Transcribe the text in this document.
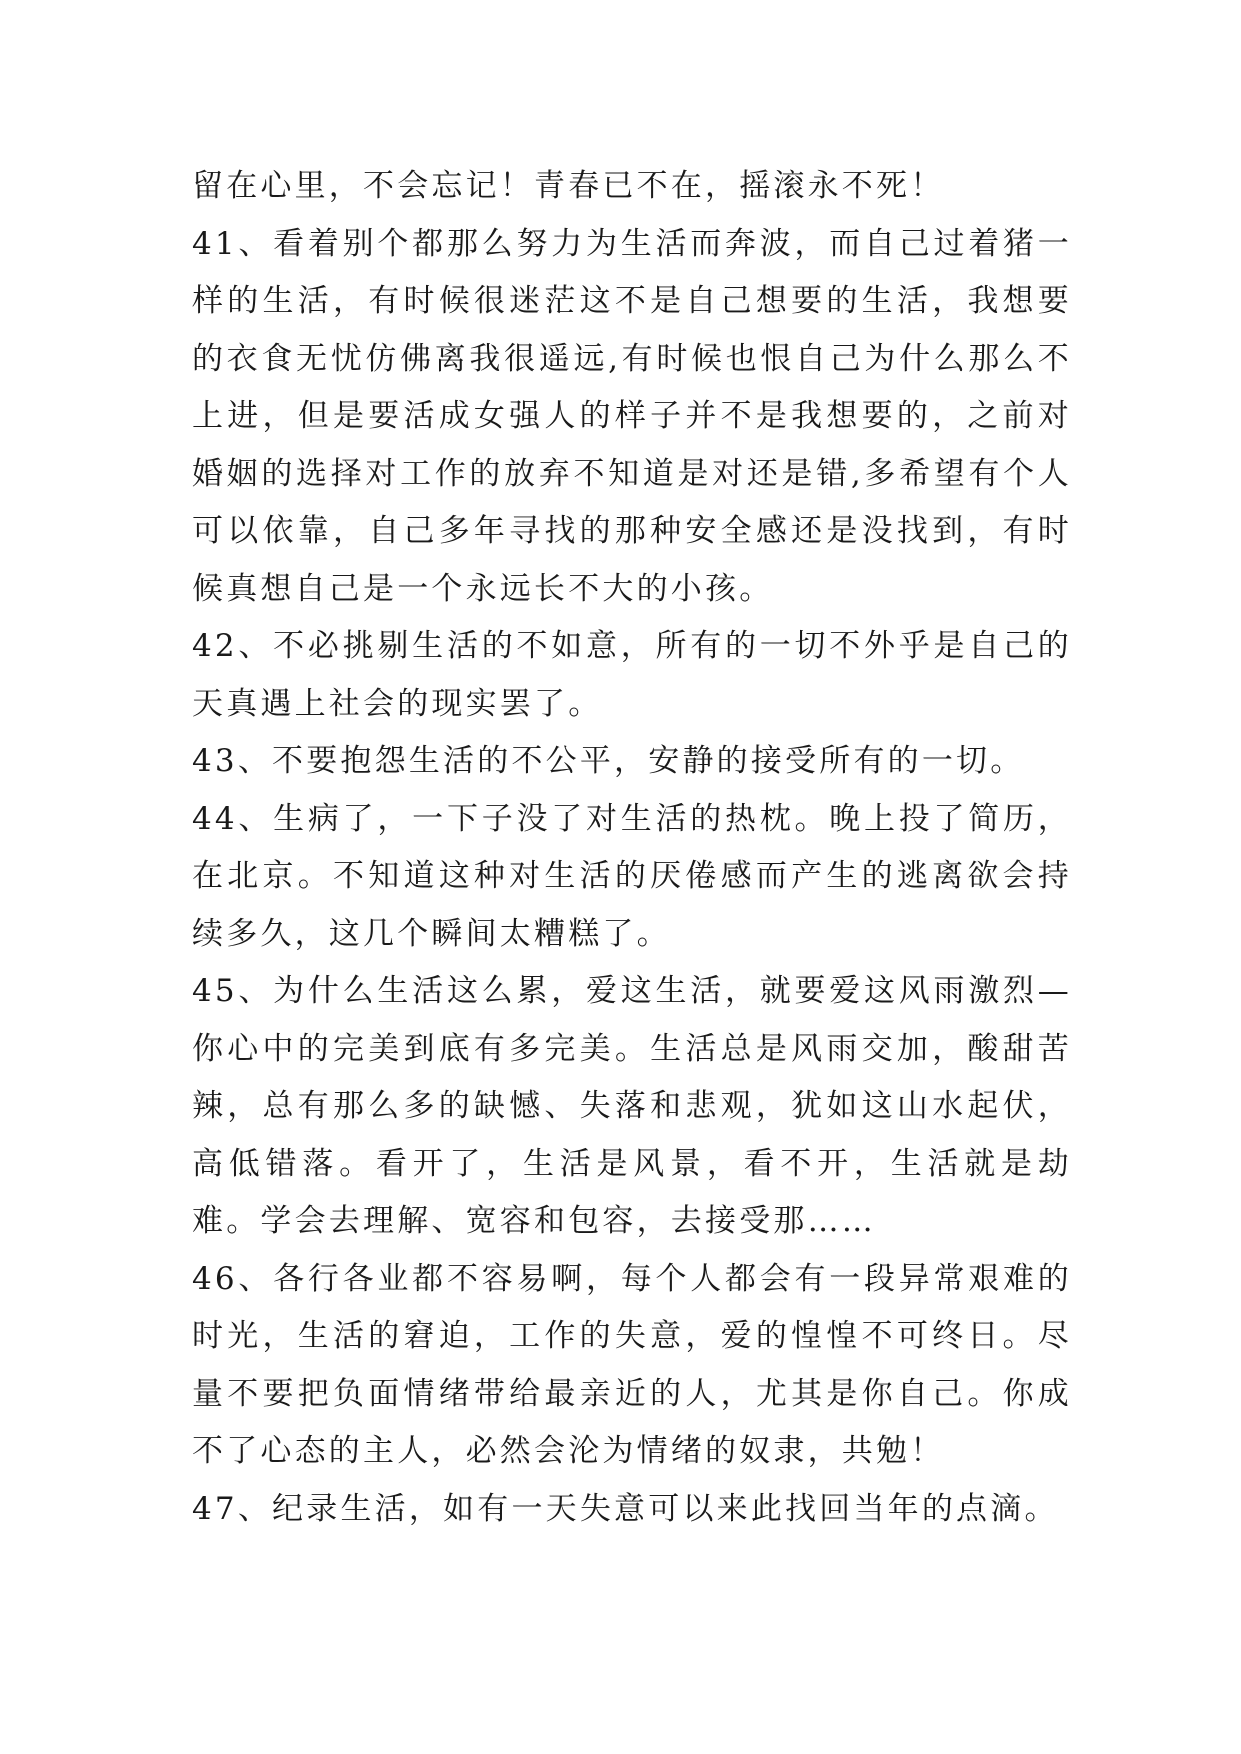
留在心里，不会忘记！青春已不在，摇滚永不死！

41、看着别个都那么努力为生活而奔波，而自己过着猪一样的生活，有时候很迷茫这不是自己想要的生活，我想要的衣食无忧仿佛离我很遥远,有时候也恨自己为什么那么不上进，但是要活成女强人的样子并不是我想要的，之前对婚姻的选择对工作的放弃不知道是对还是错,多希望有个人可以依靠，自己多年寻找的那种安全感还是没找到，有时候真想自己是一个永远长不大的小孩。

42、不必挑剔生活的不如意，所有的一切不外乎是自己的天真遇上社会的现实罢了。

43、不要抱怨生活的不公平，安静的接受所有的一切。

44、生病了，一下子没了对生活的热枕。晚上投了简历，在北京。不知道这种对生活的厌倦感而产生的逃离欲会持续多久，这几个瞬间太糟糕了。

45、为什么生活这么累，爱这生活，就要爱这风雨激烈—你心中的完美到底有多完美。生活总是风雨交加，酸甜苦辣，总有那么多的缺憾、失落和悲观，犹如这山水起伏，高低错落。看开了，生活是风景，看不开，生活就是劫难。学会去理解、宽容和包容，去接受那……

46、各行各业都不容易啊，每个人都会有一段异常艰难的时光，生活的窘迫，工作的失意，爱的惶惶不可终日。尽量不要把负面情绪带给最亲近的人，尤其是你自己。你成不了心态的主人，必然会沦为情绪的奴隶，共勉！

47、纪录生活，如有一天失意可以来此找回当年的点滴。
